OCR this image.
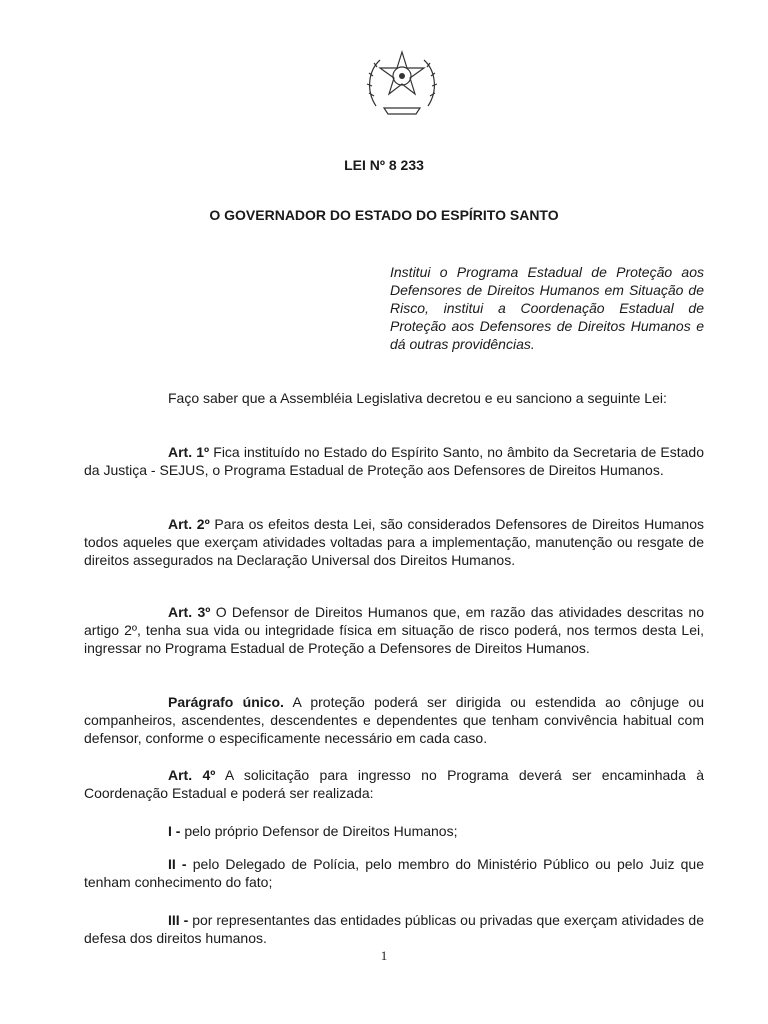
LEI Nº 8 233
O GOVERNADOR DO ESTADO DO ESPÍRITO SANTO
Institui o Programa Estadual de Proteção aos Defensores de Direitos Humanos em Situação de Risco, institui a Coordenação Estadual de Proteção aos Defensores de Direitos Humanos e dá outras providências.
Faço saber que a Assembléia Legislativa decretou e eu sanciono a seguinte Lei:
Art. 1º Fica instituído no Estado do Espírito Santo, no âmbito da Secretaria de Estado da Justiça - SEJUS, o Programa Estadual de Proteção aos Defensores de Direitos Humanos.
Art. 2º Para os efeitos desta Lei, são considerados Defensores de Direitos Humanos todos aqueles que exerçam atividades voltadas para a implementação, manutenção ou resgate de direitos assegurados na Declaração Universal dos Direitos Humanos.
Art. 3º O Defensor de Direitos Humanos que, em razão das atividades descritas no artigo 2º, tenha sua vida ou integridade física em situação de risco poderá, nos termos desta Lei, ingressar no Programa Estadual de Proteção a Defensores de Direitos Humanos.
Parágrafo único. A proteção poderá ser dirigida ou estendida ao cônjuge ou companheiros, ascendentes, descendentes e dependentes que tenham convivência habitual com defensor, conforme o especificamente necessário em cada caso.
Art. 4º A solicitação para ingresso no Programa deverá ser encaminhada à Coordenação Estadual e poderá ser realizada:
I - pelo próprio Defensor de Direitos Humanos;
II - pelo Delegado de Polícia, pelo membro do Ministério Público ou pelo Juiz que tenham conhecimento do fato;
III - por representantes das entidades públicas ou privadas que exerçam atividades de defesa dos direitos humanos.
1
